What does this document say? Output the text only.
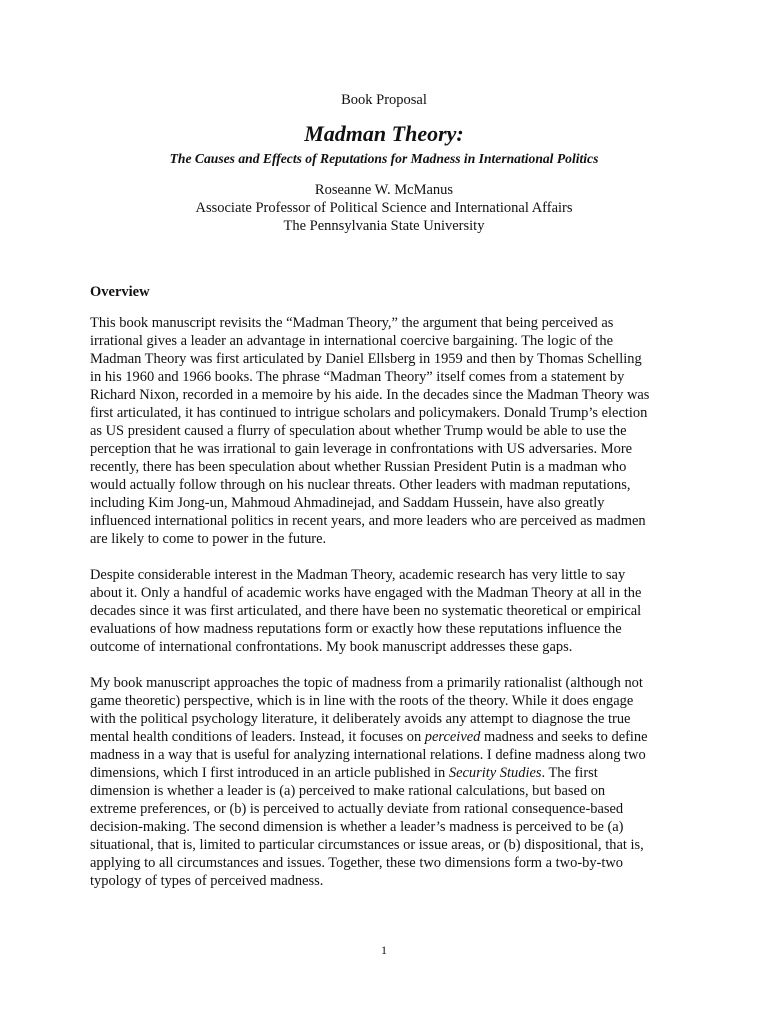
Book Proposal
Madman Theory:
The Causes and Effects of Reputations for Madness in International Politics
Roseanne W. McManus
Associate Professor of Political Science and International Affairs
The Pennsylvania State University
Overview

This book manuscript revisits the “Madman Theory,” the argument that being perceived as
irrational gives a leader an advantage in international coercive bargaining. The logic of the
Madman Theory was first articulated by Daniel Ellsberg in 1959 and then by Thomas Schelling
in his 1960 and 1966 books. The phrase “Madman Theory” itself comes from a statement by
Richard Nixon, recorded in a memoire by his aide. In the decades since the Madman Theory was
first articulated, it has continued to intrigue scholars and policymakers. Donald Trump’s election
as US president caused a flurry of speculation about whether Trump would be able to use the
perception that he was irrational to gain leverage in confrontations with US adversaries. More
recently, there has been speculation about whether Russian President Putin is a madman who
would actually follow through on his nuclear threats. Other leaders with madman reputations,
including Kim Jong-un, Mahmoud Ahmadinejad, and Saddam Hussein, have also greatly
influenced international politics in recent years, and more leaders who are perceived as madmen
are likely to come to power in the future.

Despite considerable interest in the Madman Theory, academic research has very little to say
about it. Only a handful of academic works have engaged with the Madman Theory at all in the
decades since it was first articulated, and there have been no systematic theoretical or empirical
evaluations of how madness reputations form or exactly how these reputations influence the
outcome of international confrontations. My book manuscript addresses these gaps.

My book manuscript approaches the topic of madness from a primarily rationalist (although not
game theoretic) perspective, which is in line with the roots of the theory. While it does engage
with the political psychology literature, it deliberately avoids any attempt to diagnose the true
mental health conditions of leaders. Instead, it focuses on perceived madness and seeks to define
madness in a way that is useful for analyzing international relations. I define madness along two
dimensions, which I first introduced in an article published in Security Studies. The first
dimension is whether a leader is (a) perceived to make rational calculations, but based on
extreme preferences, or (b) is perceived to actually deviate from rational consequence-based
decision-making. The second dimension is whether a leader’s madness is perceived to be (a)
situational, that is, limited to particular circumstances or issue areas, or (b) dispositional, that is,
applying to all circumstances and issues. Together, these two dimensions form a two-by-two
typology of types of perceived madness.

1
